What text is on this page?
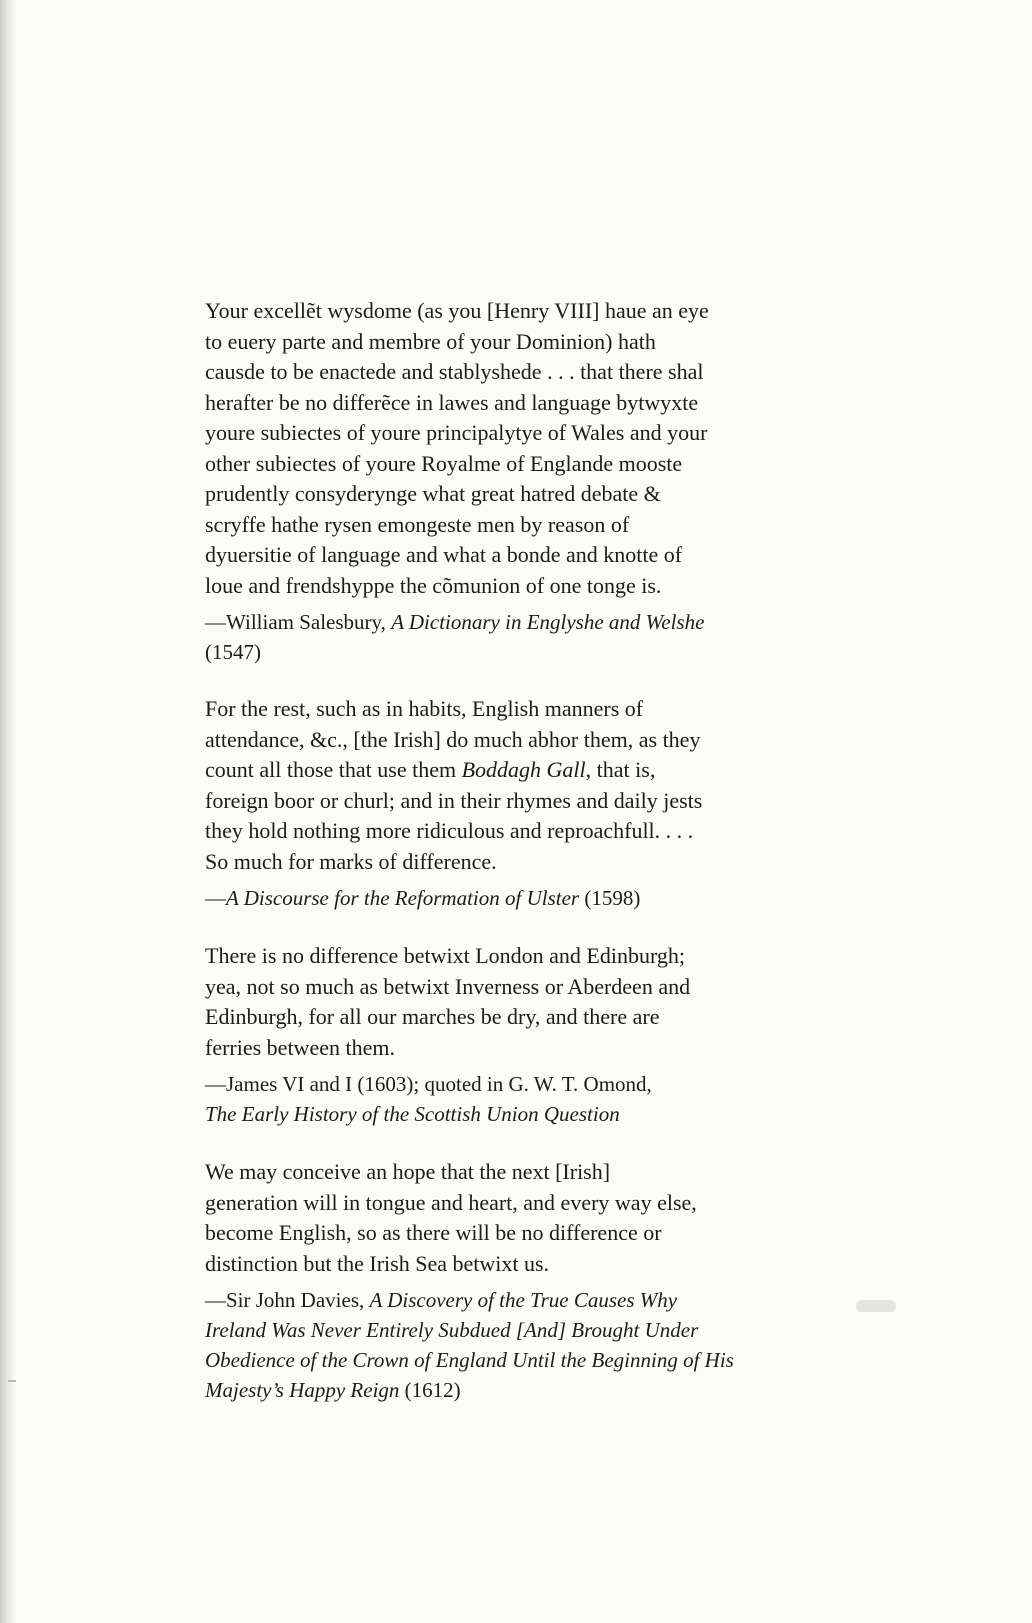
Your excellẽt wysdome (as you [Henry VIII] haue an eye
to euery parte and membre of your Dominion) hath
causde to be enactede and stablyshede . . . that there shal
herafter be no differẽce in lawes and language bytwyxte
youre subiectes of youre principalytye of Wales and your
other subiectes of youre Royalme of Englande mooste
prudently consyderynge what great hatred debate &
scryffe hathe rysen emongeste men by reason of
dyuersitie of language and what a bonde and knotte of
loue and frendshyppe the cõmunion of one tonge is.

—William Salesbury, A Dictionary in Englyshe and Welshe
(1547)

For the rest, such as in habits, English manners of
attendance, &c., [the Irish] do much abhor them, as they
count all those that use them Boddagh Gall, that is,
foreign boor or churl; and in their rhymes and daily jests
they hold nothing more ridiculous and reproachfull. . . .
So much for marks of difference.

—A Discourse for the Reformation of Ulster (1598)

There is no difference betwixt London and Edinburgh;
yea, not so much as betwixt Inverness or Aberdeen and
Edinburgh, for all our marches be dry, and there are
ferries between them.

—James VI and I (1603); quoted in G. W. T. Omond,
The Early History of the Scottish Union Question

We may conceive an hope that the next [Irish]
generation will in tongue and heart, and every way else,
become English, so as there will be no difference or
distinction but the Irish Sea betwixt us.

—Sir John Davies, A Discovery of the True Causes Why
Ireland Was Never Entirely Subdued [And] Brought Under
Obedience of the Crown of England Until the Beginning of His
Majesty’s Happy Reign (1612)
